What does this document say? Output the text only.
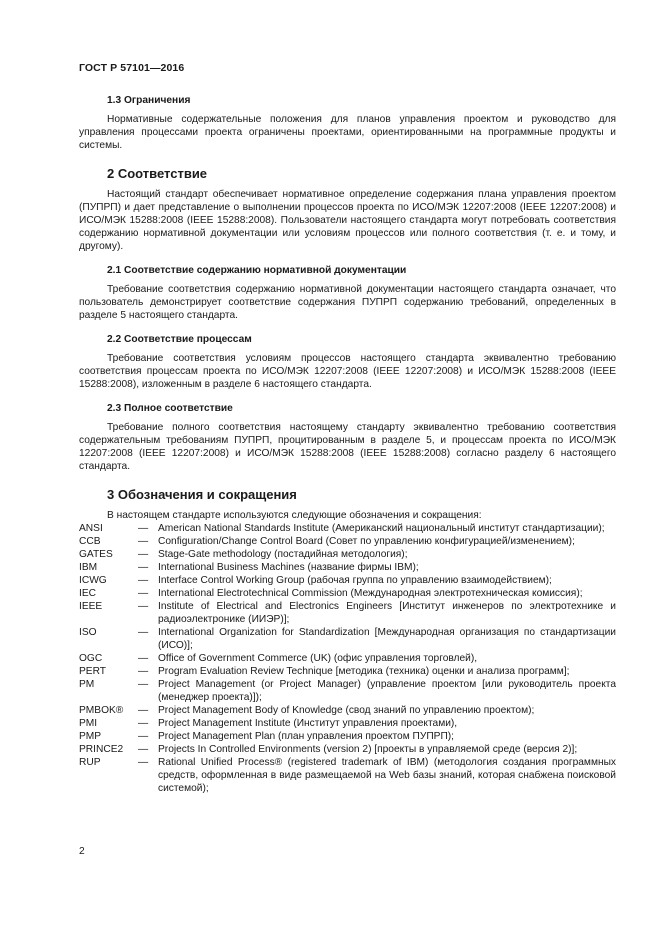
ГОСТ Р 57101—2016
1.3 Ограничения

Нормативные содержательные положения для планов управления проектом и руководство для управления процессами проекта ограничены проектами, ориентированными на программные продукты и системы.

2 Соответствие

Настоящий стандарт обеспечивает нормативное определение содержания плана управления проектом (ПУПРП) и дает представление о выполнении процессов проекта по ИСО/МЭК 12207:2008 (IEEE 12207:2008) и ИСО/МЭК 15288:2008 (IEEE 15288:2008). Пользователи настоящего стандарта могут потребовать соответствия содержанию нормативной документации или условиям процессов или полного соответствия (т. е. и тому, и другому).

2.1 Соответствие содержанию нормативной документации

Требование соответствия содержанию нормативной документации настоящего стандарта означает, что пользователь демонстрирует соответствие содержания ПУПРП содержанию требований, определенных в разделе 5 настоящего стандарта.

2.2 Соответствие процессам

Требование соответствия условиям процессов настоящего стандарта эквивалентно требованию соответствия процессам проекта по ИСО/МЭК 12207:2008 (IEEE 12207:2008) и ИСО/МЭК 15288:2008 (IEEE 15288:2008), изложенным в разделе 6 настоящего стандарта.

2.3 Полное соответствие

Требование полного соответствия настоящему стандарту эквивалентно требованию соответствия содержательным требованиям ПУПРП, процитированным в разделе 5, и процессам проекта по ИСО/МЭК 12207:2008 (IEEE 12207:2008) и ИСО/МЭК 15288:2008 (IEEE 15288:2008) согласно разделу 6 настоящего стандарта.

3 Обозначения и сокращения

В настоящем стандарте используются следующие обозначения и сокращения:

ANSI	— American National Standards Institute (Американский национальный институт стандартизации);
CCB	— Configuration/Change Control Board (Совет по управлению конфигурацией/изменением);
GATES	— Stage-Gate methodology (постадийная методология);
IBM	— International Business Machines (название фирмы IBM);
ICWG	— Interface Control Working Group (рабочая группа по управлению взаимодействием);
IEC	— International Electrotechnical Commission (Международная электротехническая комиссия);
IEEE	— Institute of Electrical and Electronics Engineers [Институт инженеров по электротехнике и радиоэлектронике (ИИЭР)];
ISO	— International Organization for Standardization [Международная организация по стандартизации (ИСО)];
OGC	— Office of Government Commerce (UK) (офис управления торговлей),
PERT	— Program Evaluation Review Technique [методика (техника) оценки и анализа программ];
PM	— Project Management (or Project Manager) (управление проектом [или руководитель проекта (менеджер проекта)]);
PMBOK®	— Project Management Body of Knowledge (свод знаний по управлению проектом);
PMI	— Project Management Institute (Институт управления проектами),
PMP	— Project Management Plan (план управления проектом ПУПРП);
PRINCE2	— Projects In Controlled Environments (version 2) [проекты в управляемой среде (версия 2)];
RUP	— Rational Unified Process® (registered trademark of IBM) (методология создания программных средств, оформленная в виде размещаемой на Web базы знаний, которая снабжена поисковой системой);
2
